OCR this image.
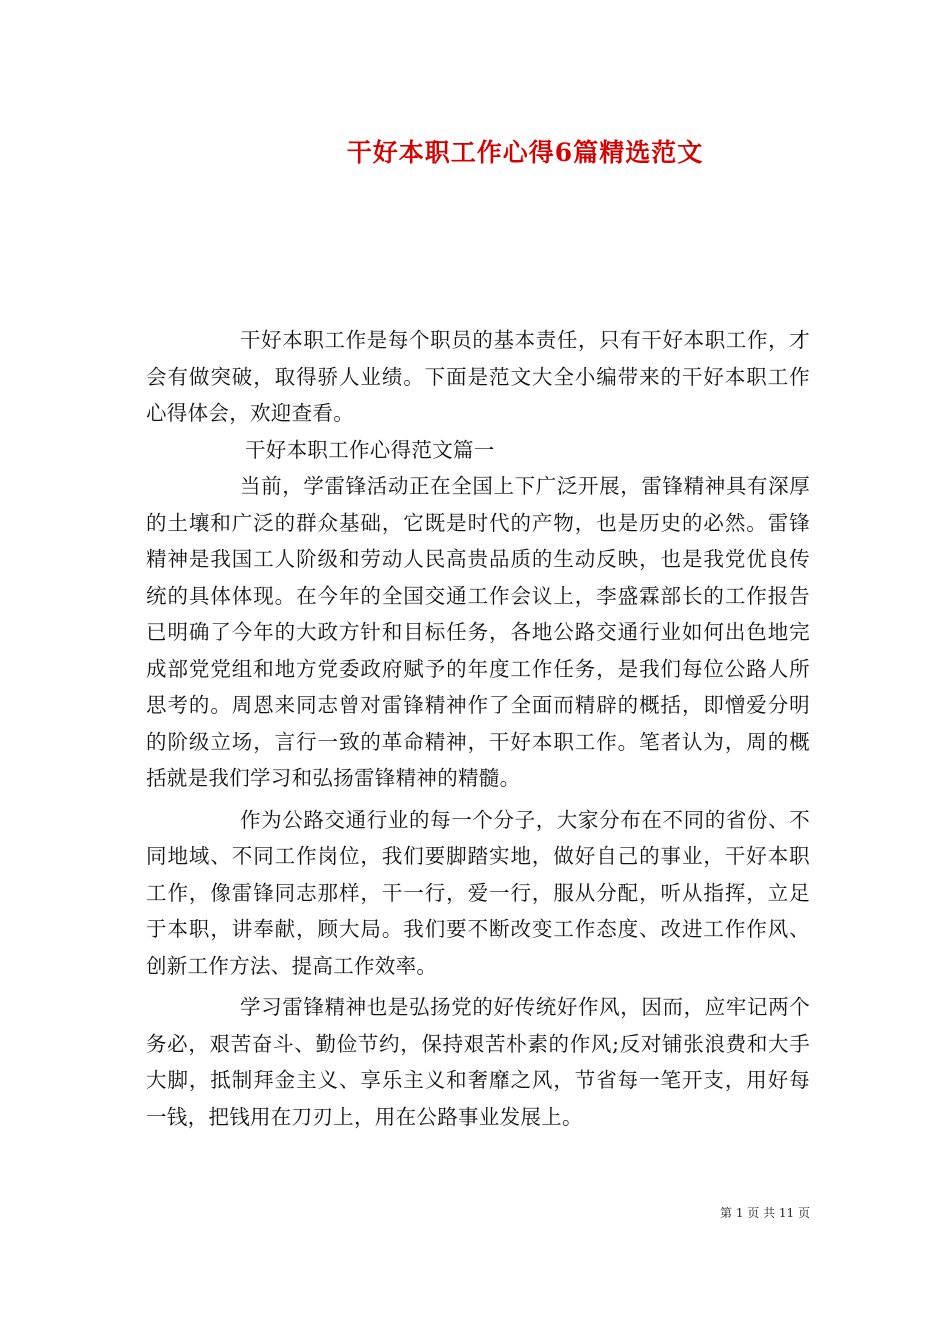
干好本职工作心得6篇精选范文

干好本职工作是每个职员的基本责任，只有干好本职工作，才会有做突破，取得骄人业绩。下面是范文大全小编带来的干好本职工作心得体会，欢迎查看。

干好本职工作心得范文篇一

当前，学雷锋活动正在全国上下广泛开展，雷锋精神具有深厚的土壤和广泛的群众基础，它既是时代的产物，也是历史的必然。雷锋精神是我国工人阶级和劳动人民高贵品质的生动反映，也是我党优良传统的具体体现。在今年的全国交通工作会议上，李盛霖部长的工作报告已明确了今年的大政方针和目标任务，各地公路交通行业如何出色地完成部党党组和地方党委政府赋予的年度工作任务，是我们每位公路人所思考的。周恩来同志曾对雷锋精神作了全面而精辟的概括，即憎爱分明的阶级立场，言行一致的革命精神，干好本职工作。笔者认为，周的概括就是我们学习和弘扬雷锋精神的精髓。

作为公路交通行业的每一个分子，大家分布在不同的省份、不同地域、不同工作岗位，我们要脚踏实地，做好自己的事业，干好本职工作，像雷锋同志那样，干一行，爱一行，服从分配，听从指挥，立足于本职，讲奉献，顾大局。我们要不断改变工作态度、改进工作作风、创新工作方法、提高工作效率。

学习雷锋精神也是弘扬党的好传统好作风，因而，应牢记两个务必，艰苦奋斗、勤俭节约，保持艰苦朴素的作风;反对铺张浪费和大手大脚，抵制拜金主义、享乐主义和奢靡之风，节省每一笔开支，用好每一钱，把钱用在刀刃上，用在公路事业发展上。

第 1 页 共 11 页
